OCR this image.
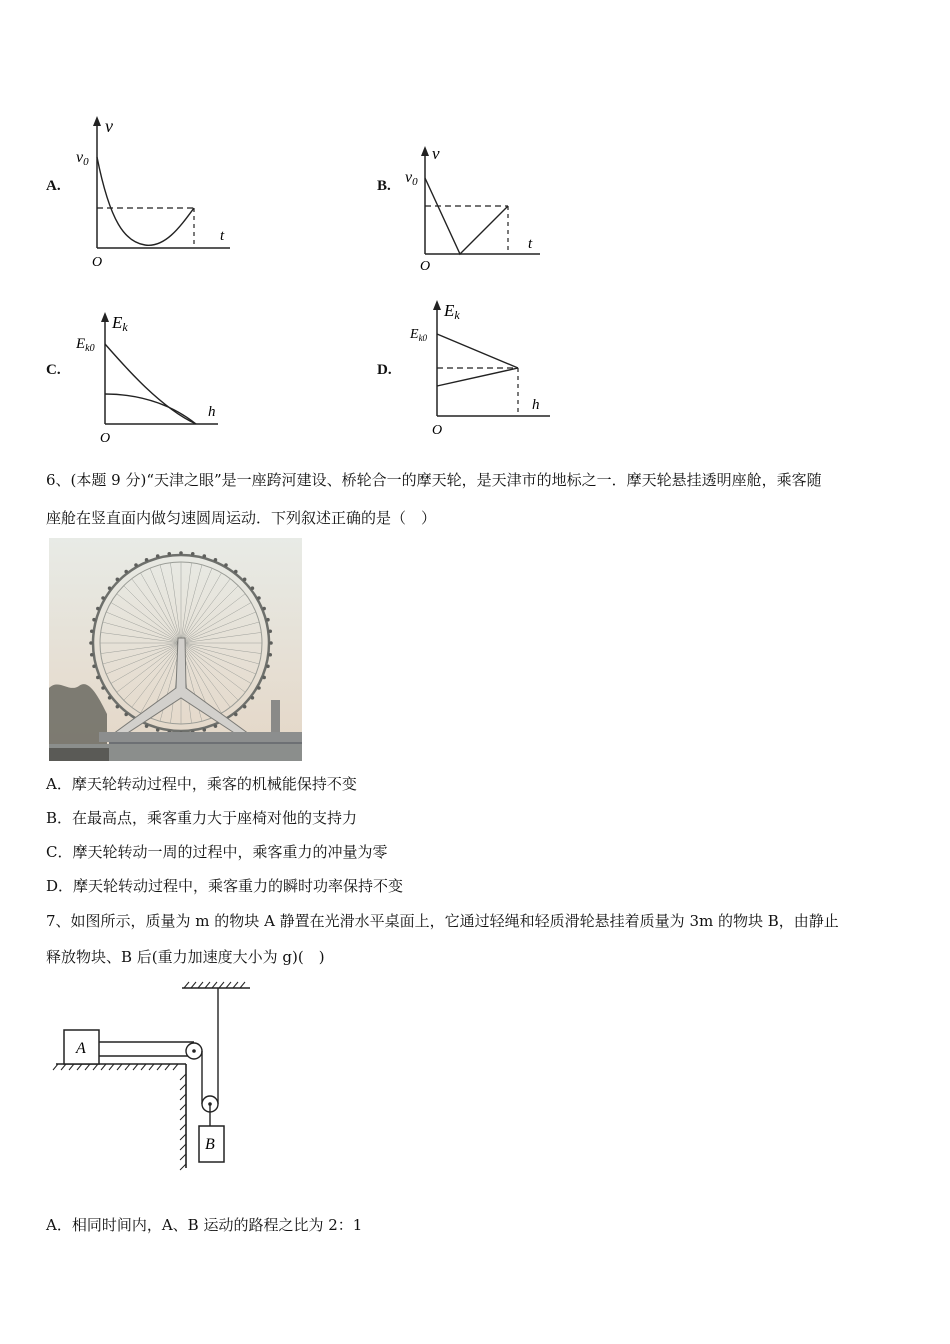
A.	B.
C.	D.
v
v0
t
O
v
v0
t
O
Ek
$E_{k0}$
h
O
Ek
$E_{k0}$
h
O
6、(本题 9 分)“天津之眼”是一座跨河建设、桥轮合一的摩天轮，是天津市的地标之一．摩天轮悬挂透明座舱，乘客随
座舱在竖直面内做匀速圆周运动．下列叙述正确的是（　）
A．摩天轮转动过程中，乘客的机械能保持不变
B．在最高点，乘客重力大于座椅对他的支持力
C．摩天轮转动一周的过程中，乘客重力的冲量为零
D．摩天轮转动过程中，乘客重力的瞬时功率保持不变
7、如图所示，质量为 m 的物块 A 静置在光滑水平桌面上，它通过轻绳和轻质滑轮悬挂着质量为 3m 的物块 B，由静止
释放物块、B 后(重力加速度大小为 g)(　)
A
B
A．相同时间内，A、B 运动的路程之比为 2：1
